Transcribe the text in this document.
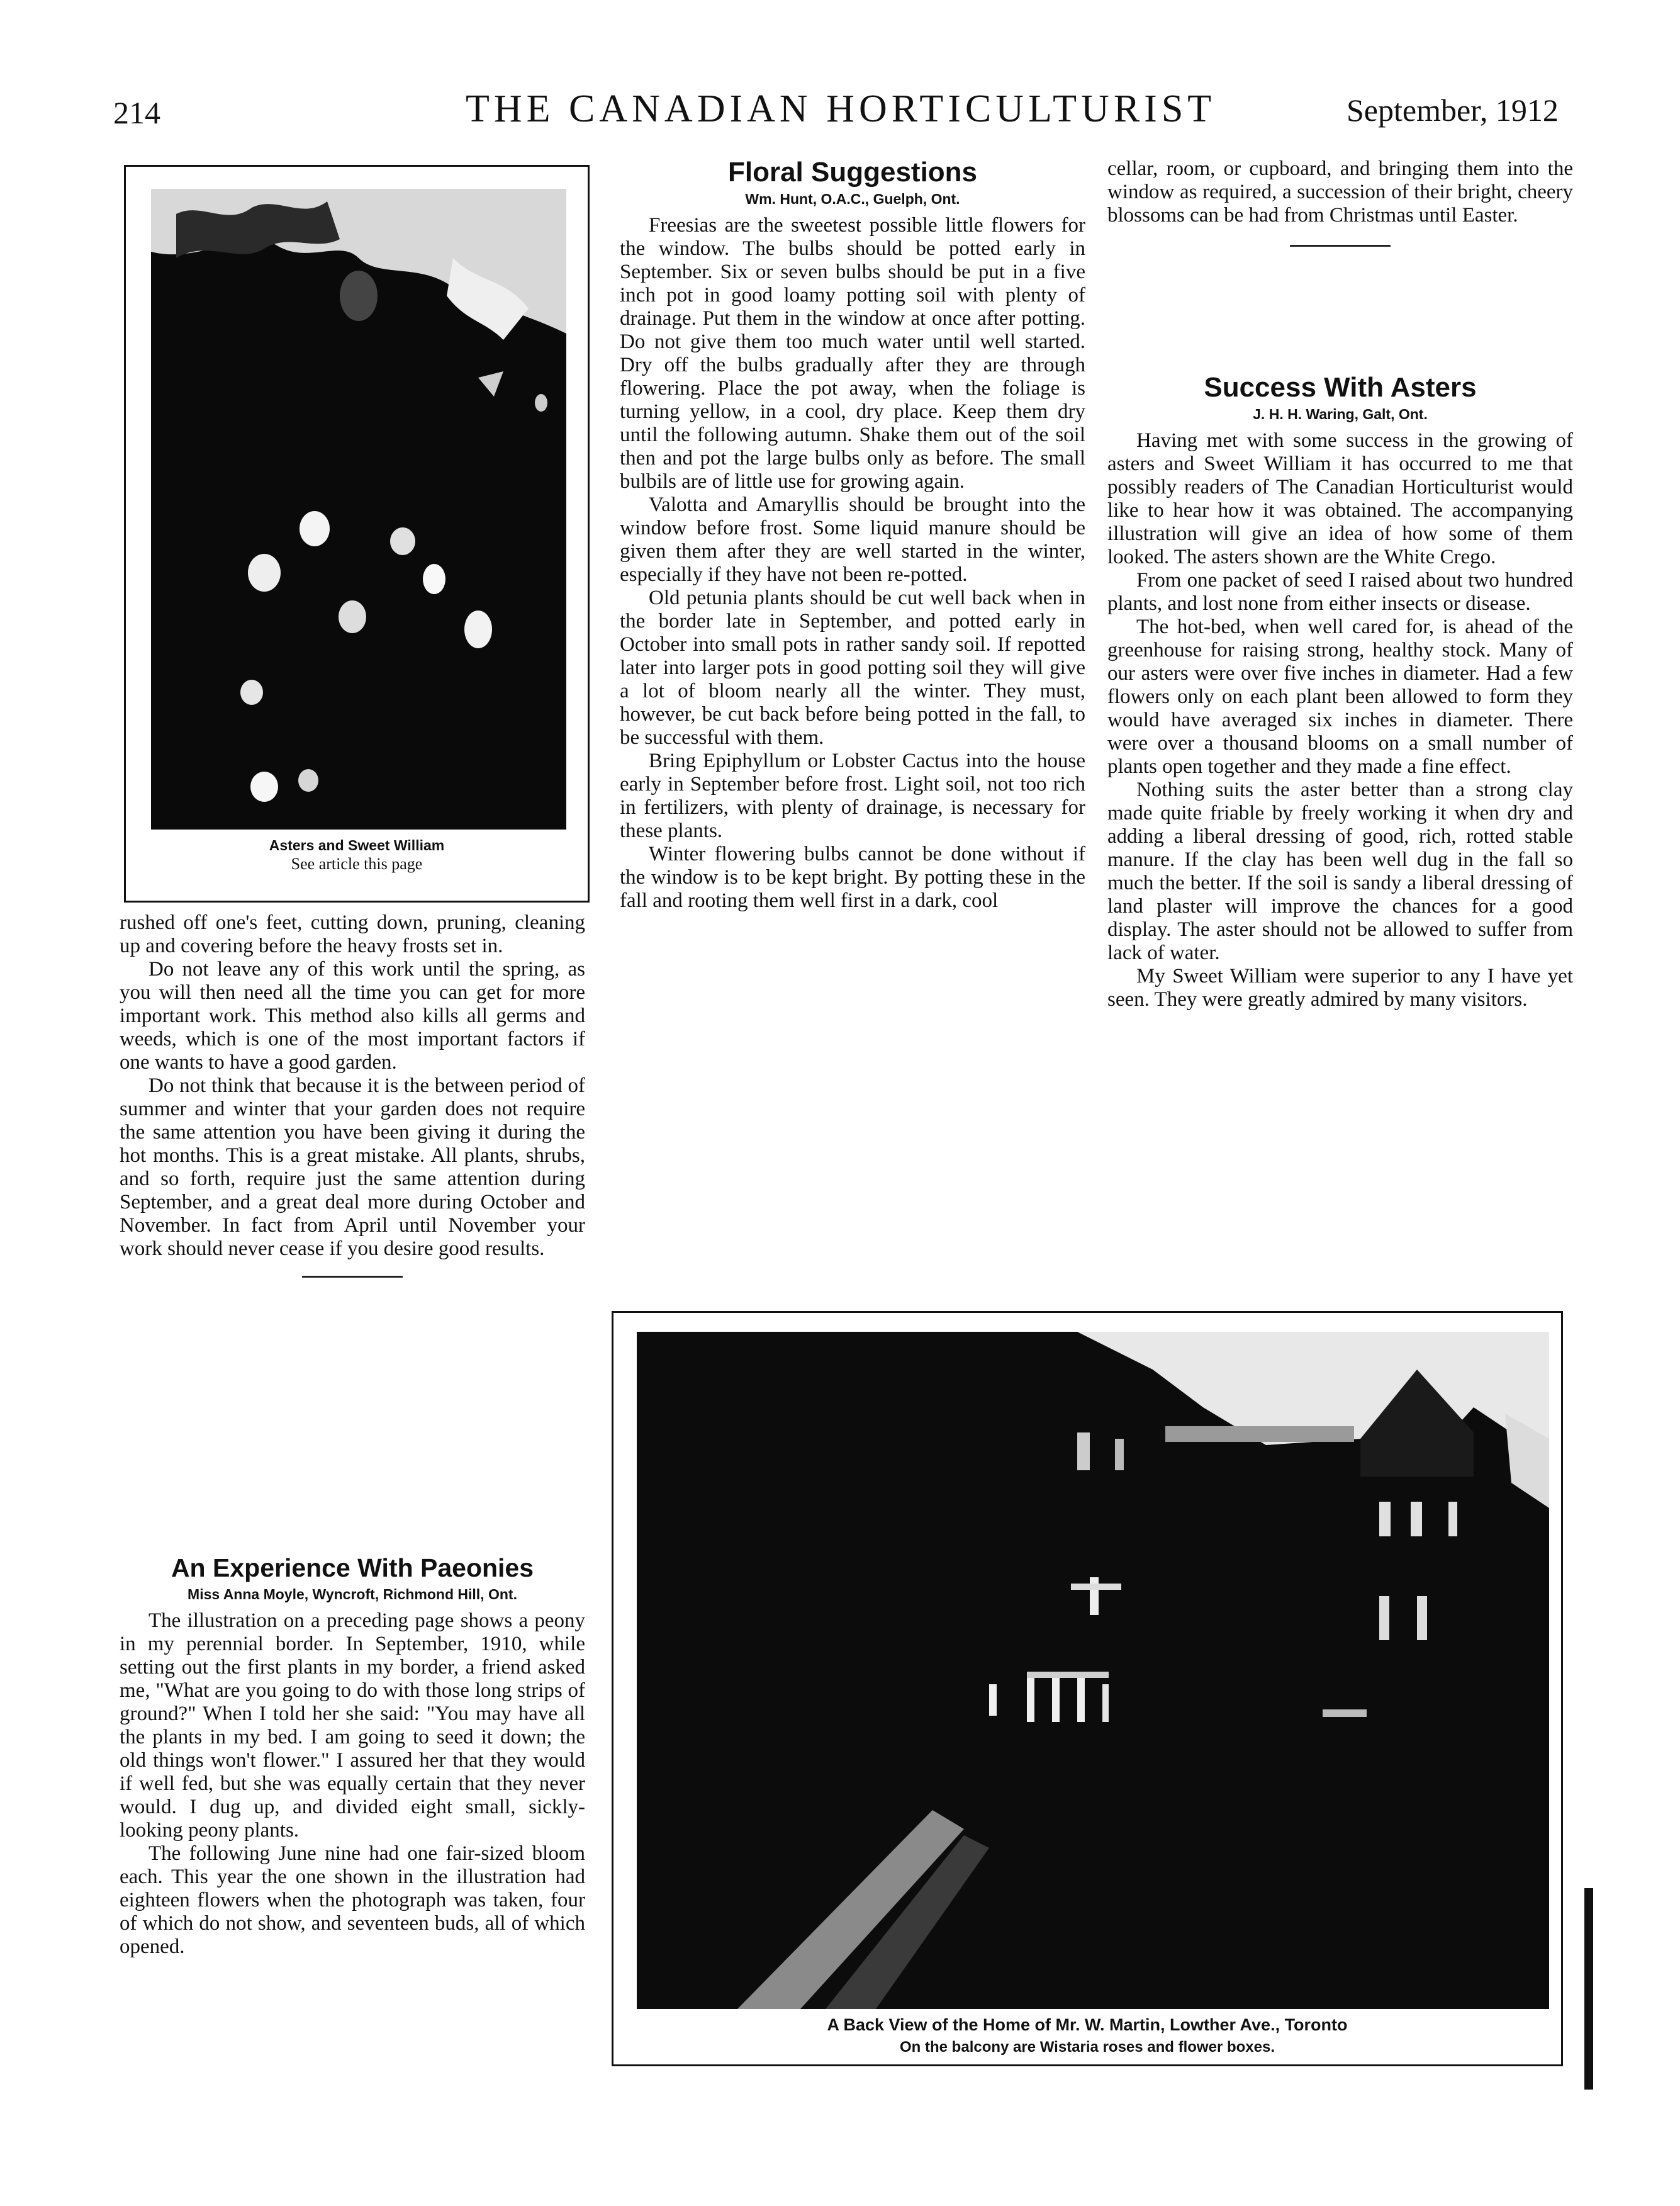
214	THE CANADIAN HORTICULTURIST	September, 1912
Asters and Sweet William
See article this page

rushed off one's feet, cutting down, pruning, cleaning up and covering before the heavy frosts set in.

Do not leave any of this work until the spring, as you will then need all the time you can get for more important work. This method also kills all germs and weeds, which is one of the most important factors if one wants to have a good garden.

Do not think that because it is the between period of summer and winter that your garden does not require the same attention you have been giving it during the hot months. This is a great mistake. All plants, shrubs, and so forth, require just the same attention during September, and a great deal more during October and November. In fact from April until November your work should never cease if you desire good results.

An Experience With Paeonies
Miss Anna Moyle, Wyncroft, Richmond Hill, Ont.

The illustration on a preceding page shows a peony in my perennial border. In September, 1910, while setting out the first plants in my border, a friend asked me, "What are you going to do with those long strips of ground?" When I told her she said: "You may have all the plants in my bed. I am going to seed it down; the old things won't flower." I assured her that they would if well fed, but she was equally certain that they never would. I dug up, and divided eight small, sickly-looking peony plants.

The following June nine had one fair-sized bloom each. This year the one shown in the illustration had eighteen flowers when the photograph was taken, four of which do not show, and seventeen buds, all of which opened.

Floral Suggestions
Wm. Hunt, O.A.C., Guelph, Ont.

Freesias are the sweetest possible little flowers for the window. The bulbs should be potted early in September. Six or seven bulbs should be put in a five inch pot in good loamy potting soil with plenty of drainage. Put them in the window at once after potting. Do not give them too much water until well started. Dry off the bulbs gradually after they are through flowering. Place the pot away, when the foliage is turning yellow, in a cool, dry place. Keep them dry until the following autumn. Shake them out of the soil then and pot the large bulbs only as before. The small bulbils are of little use for growing again.

Valotta and Amaryllis should be brought into the window before frost. Some liquid manure should be given them after they are well started in the winter, especially if they have not been re-potted.

Old petunia plants should be cut well back when in the border late in September, and potted early in October into small pots in rather sandy soil. If repotted later into larger pots in good potting soil they will give a lot of bloom nearly all the winter. They must, however, be cut back before being potted in the fall, to be successful with them.

Bring Epiphyllum or Lobster Cactus into the house early in September before frost. Light soil, not too rich in fertilizers, with plenty of drainage, is necessary for these plants.

Winter flowering bulbs cannot be done without if the window is to be kept bright. By potting these in the fall and rooting them well first in a dark, cool

cellar, room, or cupboard, and bringing them into the window as required, a succession of their bright, cheery blossoms can be had from Christmas until Easter.

Success With Asters
J. H. H. Waring, Galt, Ont.

Having met with some success in the growing of asters and Sweet William it has occurred to me that possibly readers of The Canadian Horticulturist would like to hear how it was obtained. The accompanying illustration will give an idea of how some of them looked. The asters shown are the White Crego.

From one packet of seed I raised about two hundred plants, and lost none from either insects or disease.

The hot-bed, when well cared for, is ahead of the greenhouse for raising strong, healthy stock. Many of our asters were over five inches in diameter. Had a few flowers only on each plant been allowed to form they would have averaged six inches in diameter. There were over a thousand blooms on a small number of plants open together and they made a fine effect.

Nothing suits the aster better than a strong clay made quite friable by freely working it when dry and adding a liberal dressing of good, rich, rotted stable manure. If the clay has been well dug in the fall so much the better. If the soil is sandy a liberal dressing of land plaster will improve the chances for a good display. The aster should not be allowed to suffer from lack of water.

My Sweet William were superior to any I have yet seen. They were greatly admired by many visitors.

A Back View of the Home of Mr. W. Martin, Lowther Ave., Toronto
On the balcony are Wistaria roses and flower boxes.
